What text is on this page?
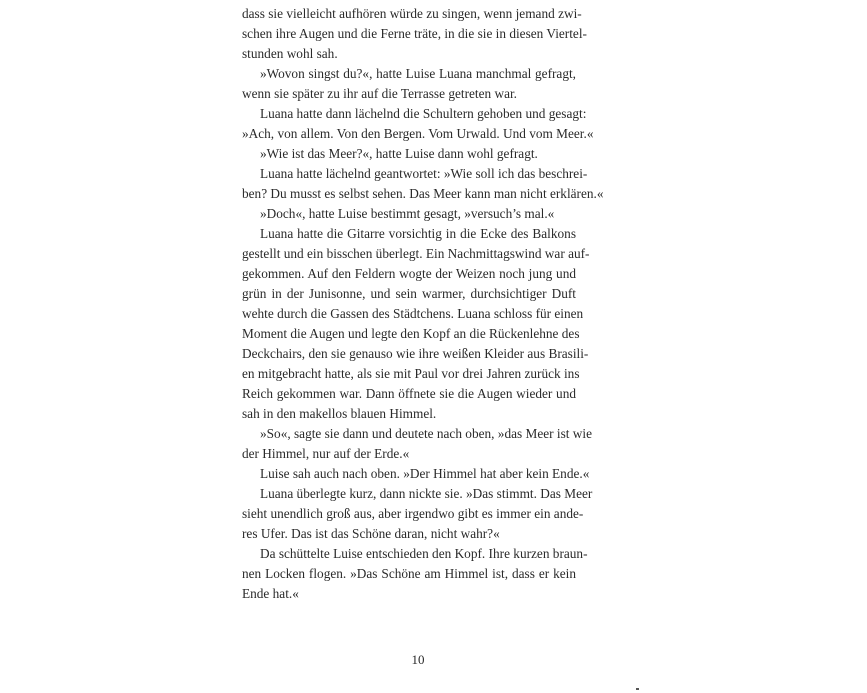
dass sie vielleicht aufhören würde zu singen, wenn jemand zwi-
schen ihre Augen und die Ferne träte, in die sie in diesen Viertel-
stunden wohl sah.
»Wovon singst du?«, hatte Luise Luana manchmal gefragt,
wenn sie später zu ihr auf die Terrasse getreten war.
Luana hatte dann lächelnd die Schultern gehoben und gesagt:
»Ach, von allem. Von den Bergen. Vom Urwald. Und vom Meer.«
»Wie ist das Meer?«, hatte Luise dann wohl gefragt.
Luana hatte lächelnd geantwortet: »Wie soll ich das beschrei-
ben? Du musst es selbst sehen. Das Meer kann man nicht erklären.«
»Doch«, hatte Luise bestimmt gesagt, »versuch’s mal.«
Luana hatte die Gitarre vorsichtig in die Ecke des Balkons
gestellt und ein bisschen überlegt. Ein Nachmittagswind war auf-
gekommen. Auf den Feldern wogte der Weizen noch jung und
grün in der Junisonne, und sein warmer, durchsichtiger Duft
wehte durch die Gassen des Städtchens. Luana schloss für einen
Moment die Augen und legte den Kopf an die Rückenlehne des
Deckchairs, den sie genauso wie ihre weißen Kleider aus Brasili-
en mitgebracht hatte, als sie mit Paul vor drei Jahren zurück ins
Reich gekommen war. Dann öffnete sie die Augen wieder und
sah in den makellos blauen Himmel.
»So«, sagte sie dann und deutete nach oben, »das Meer ist wie
der Himmel, nur auf der Erde.«
Luise sah auch nach oben. »Der Himmel hat aber kein Ende.«
Luana überlegte kurz, dann nickte sie. »Das stimmt. Das Meer
sieht unendlich groß aus, aber irgendwo gibt es immer ein ande-
res Ufer. Das ist das Schöne daran, nicht wahr?«
Da schüttelte Luise entschieden den Kopf. Ihre kurzen braun-
nen Locken flogen. »Das Schöne am Himmel ist, dass er kein
Ende hat.«
10
